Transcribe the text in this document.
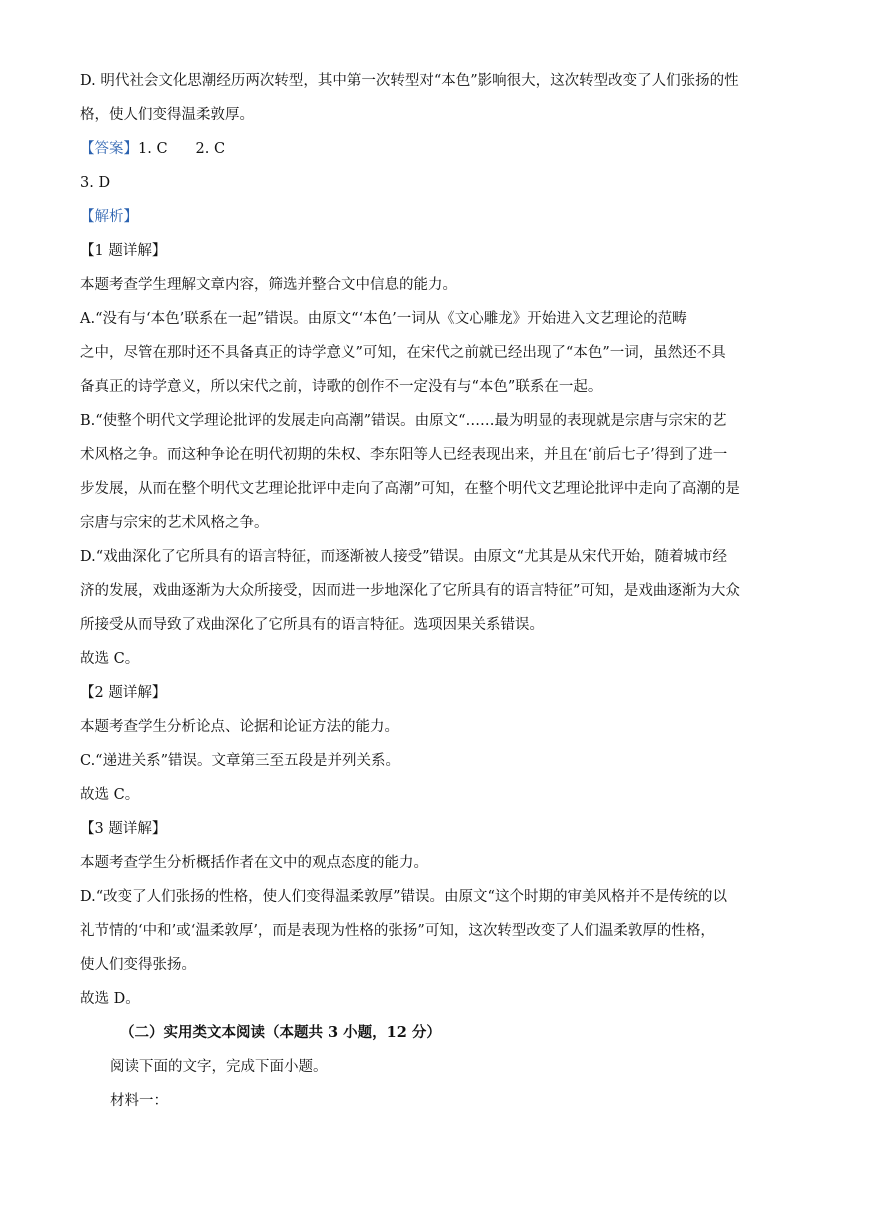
D. 明代社会文化思潮经历两次转型，其中第一次转型对“本色”影响很大，这次转型改变了人们张扬的性

格，使人们变得温柔敦厚。

【答案】1. C 2. C

3. D

【解析】

【1 题详解】

本题考查学生理解文章内容，筛选并整合文中信息的能力。

A.“没有与‘本色’联系在一起”错误。由原文“‘本色’一词从《文心雕龙》开始进入文艺理论的范畴

之中，尽管在那时还不具备真正的诗学意义”可知，在宋代之前就已经出现了“本色”一词，虽然还不具

备真正的诗学意义，所以宋代之前，诗歌的创作不一定没有与“本色”联系在一起。

B.“使整个明代文学理论批评的发展走向高潮”错误。由原文“……最为明显的表现就是宗唐与宗宋的艺

术风格之争。而这种争论在明代初期的朱权、李东阳等人已经表现出来，并且在‘前后七子’得到了进一

步发展，从而在整个明代文艺理论批评中走向了高潮”可知，在整个明代文艺理论批评中走向了高潮的是

宗唐与宗宋的艺术风格之争。

D.“戏曲深化了它所具有的语言特征，而逐渐被人接受”错误。由原文“尤其是从宋代开始，随着城市经

济的发展，戏曲逐渐为大众所接受，因而进一步地深化了它所具有的语言特征”可知，是戏曲逐渐为大众

所接受从而导致了戏曲深化了它所具有的语言特征。选项因果关系错误。

故选 C。

【2 题详解】

本题考查学生分析论点、论据和论证方法的能力。

C.“递进关系”错误。文章第三至五段是并列关系。

故选 C。

【3 题详解】

本题考查学生分析概括作者在文中的观点态度的能力。

D.“改变了人们张扬的性格，使人们变得温柔敦厚”错误。由原文“这个时期的审美风格并不是传统的以

礼节情的‘中和’或‘温柔敦厚’，而是表现为性格的张扬”可知，这次转型改变了人们温柔敦厚的性格，

使人们变得张扬。

故选 D。

（二）实用类文本阅读（本题共 3 小题，12 分）

阅读下面的文字，完成下面小题。

材料一：
